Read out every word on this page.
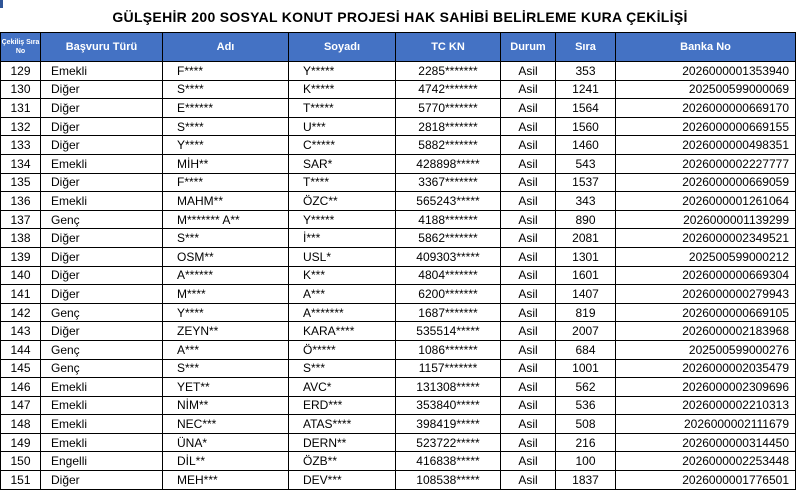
GÜLŞEHİR 200 SOSYAL KONUT PROJESİ HAK SAHİBİ BELİRLEME KURA ÇEKİLİŞİ
Çekiliş Sıra No	Başvuru Türü	Adı	Soyadı	TC KN	Durum	Sıra	Banka No
129	Emekli	F****	Y*****	2285*******	Asil	353	2026000001353940
130	Diğer	S****	K*****	4742*******	Asil	1241	202500599000069
131	Diğer	E******	T*****	5770*******	Asil	1564	2026000000669170
132	Diğer	S****	U***	2818*******	Asil	1560	2026000000669155
133	Diğer	Y****	C*****	5882*******	Asil	1460	2026000000498351
134	Emekli	MİH**	SAR*	428898*****	Asil	543	2026000002227777
135	Diğer	F****	T****	3367*******	Asil	1537	2026000000669059
136	Emekli	MAHM**	ÖZC**	565243*****	Asil	343	2026000001261064
137	Genç	M******* A**	Y*****	4188*******	Asil	890	2026000001139299
138	Diğer	S***	İ***	5862*******	Asil	2081	2026000002349521
139	Diğer	OSM**	USL*	409303*****	Asil	1301	202500599000212
140	Diğer	A******	K***	4804*******	Asil	1601	2026000000669304
141	Diğer	M****	A***	6200*******	Asil	1407	2026000000279943
142	Genç	Y****	A*******	1687*******	Asil	819	2026000000669105
143	Diğer	ZEYN**	KARA****	535514*****	Asil	2007	2026000002183968
144	Genç	A***	Ö*****	1086*******	Asil	684	202500599000276
145	Genç	S***	S***	1157*******	Asil	1001	2026000002035479
146	Emekli	YET**	AVC*	131308*****	Asil	562	2026000002309696
147	Emekli	NİM**	ERD***	353840*****	Asil	536	2026000002210313
148	Emekli	NEC***	ATAS****	398419*****	Asil	508	2026000002111679
149	Emekli	ÜNA*	DERN**	523722*****	Asil	216	2026000000314450
150	Engelli	DİL**	ÖZB**	416838*****	Asil	100	2026000002253448
151	Diğer	MEH***	DEV***	108538*****	Asil	1837	2026000001776501
